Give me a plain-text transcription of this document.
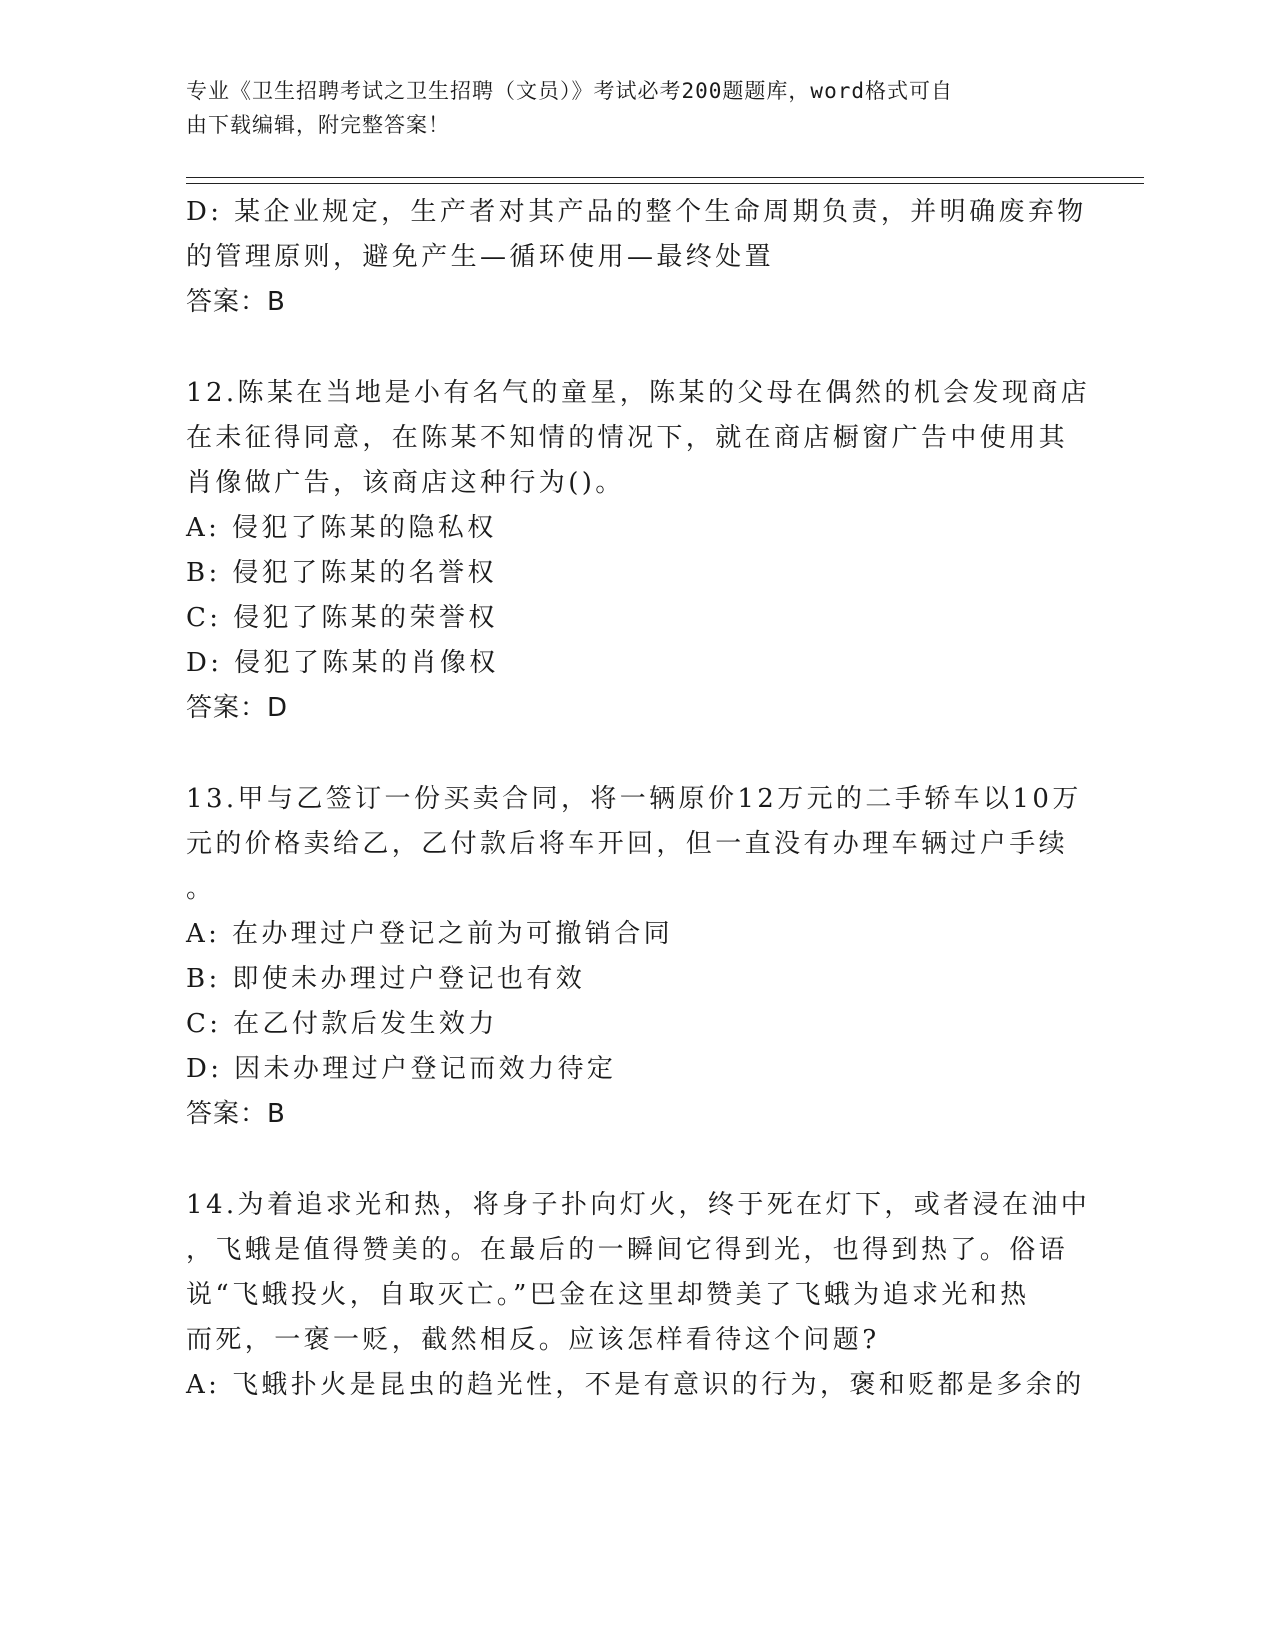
专业《卫生招聘考试之卫生招聘（文员）》考试必考200题题库，word格式可自
由下载编辑，附完整答案！
D: 某企业规定，生产者对其产品的整个生命周期负责，并明确废弃物
的管理原则，避免产生—循环使用—最终处置
答案：B
12.陈某在当地是小有名气的童星，陈某的父母在偶然的机会发现商店
在未征得同意，在陈某不知情的情况下，就在商店橱窗广告中使用其
肖像做广告，该商店这种行为()。
A: 侵犯了陈某的隐私权
B: 侵犯了陈某的名誉权
C: 侵犯了陈某的荣誉权
D: 侵犯了陈某的肖像权
答案：D
13.甲与乙签订一份买卖合同，将一辆原价12万元的二手轿车以10万
元的价格卖给乙，乙付款后将车开回，但一直没有办理车辆过户手续
。
A: 在办理过户登记之前为可撤销合同
B: 即使未办理过户登记也有效
C: 在乙付款后发生效力
D: 因未办理过户登记而效力待定
答案：B
14.为着追求光和热，将身子扑向灯火，终于死在灯下，或者浸在油中
，飞蛾是值得赞美的。在最后的一瞬间它得到光，也得到热了。俗语
说“飞蛾投火，自取灭亡。”巴金在这里却赞美了飞蛾为追求光和热
而死，一褒一贬，截然相反。应该怎样看待这个问题?
A: 飞蛾扑火是昆虫的趋光性，不是有意识的行为，褒和贬都是多余的
